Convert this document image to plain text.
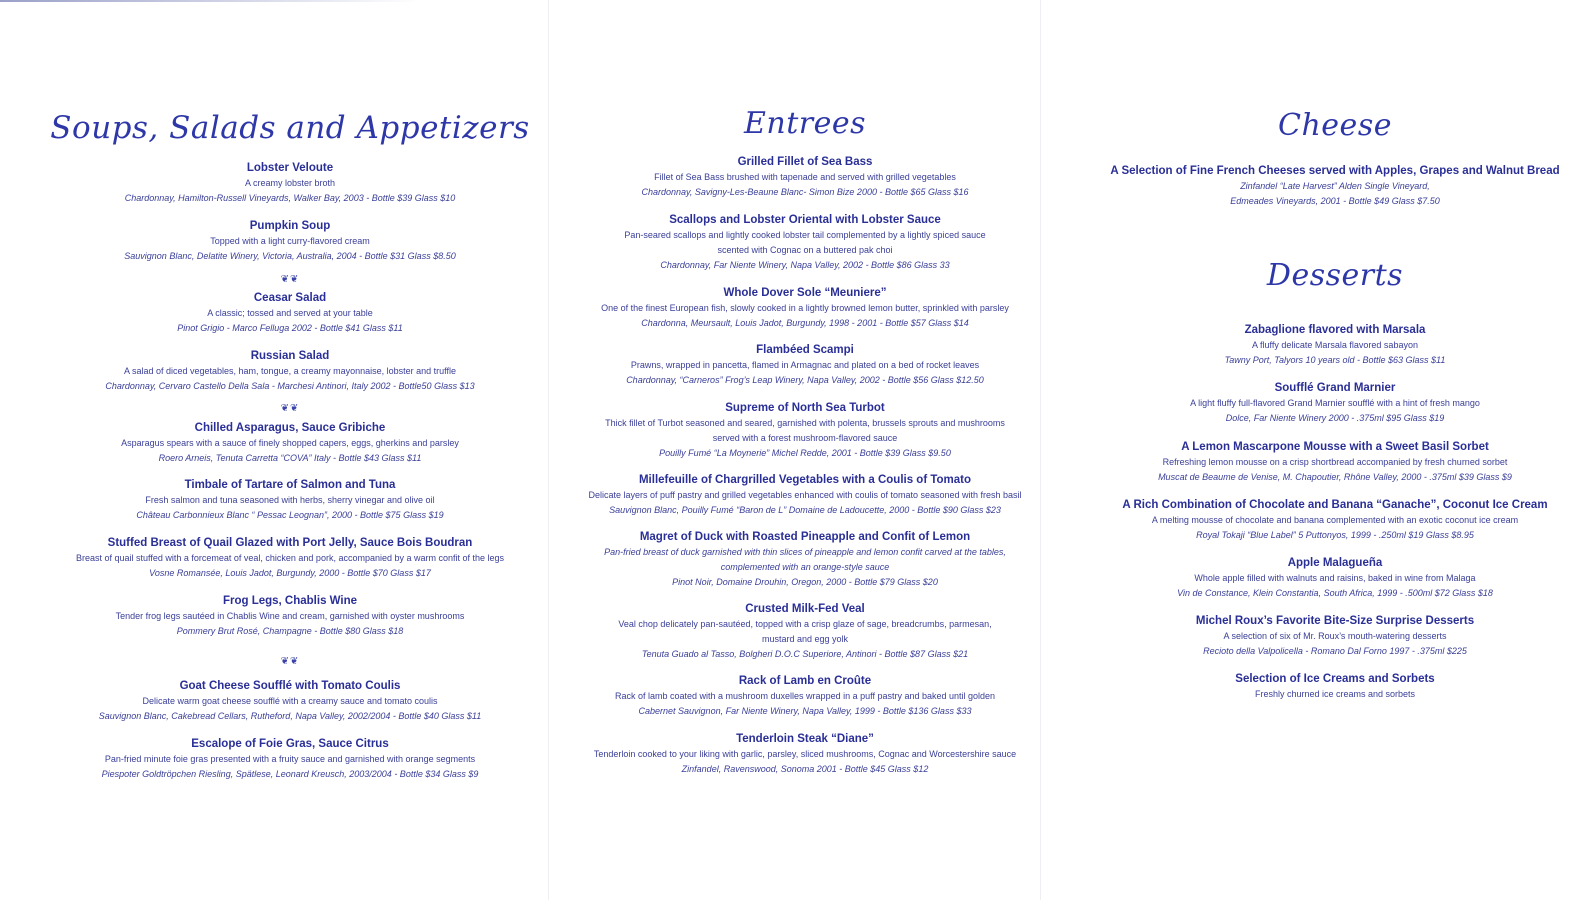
Soups, Salads and Appetizers
Lobster Veloute
A creamy lobster broth
Chardonnay, Hamilton-Russell Vineyards, Walker Bay, 2003 - Bottle $39 Glass $10
Pumpkin Soup
Topped with a light curry-flavored cream
Sauvignon Blanc, Delatite Winery, Victoria, Australia, 2004 - Bottle $31 Glass $8.50
❦❦
Ceasar Salad
A classic; tossed and served at your table
Pinot Grigio - Marco Felluga 2002 - Bottle $41 Glass $11
Russian Salad
A salad of diced vegetables, ham, tongue, a creamy mayonnaise, lobster and truffle
Chardonnay, Cervaro Castello Della Sala - Marchesi Antinori, Italy 2002 - Bottle50 Glass $13
❦❦
Chilled Asparagus, Sauce Gribiche
Asparagus spears with a sauce of finely shopped capers, eggs, gherkins and parsley
Roero Arneis, Tenuta Carretta “COVA” Italy - Bottle $43 Glass $11
Timbale of Tartare of Salmon and Tuna
Fresh salmon and tuna seasoned with herbs, sherry vinegar and olive oil
Château Carbonnieux Blanc “ Pessac Leognan”, 2000 - Bottle $75 Glass $19
Stuffed Breast of Quail Glazed with Port Jelly, Sauce Bois Boudran
Breast of quail stuffed with a forcemeat of veal, chicken and pork, accompanied by a warm confit of the legs
Vosne Romansée, Louis Jadot, Burgundy, 2000 - Bottle $70 Glass $17
Frog Legs, Chablis Wine
Tender frog legs sautéed in Chablis Wine and cream, garnished with oyster mushrooms
Pommery Brut Rosé, Champagne - Bottle $80 Glass $18
❦❦
Goat Cheese Soufflé with Tomato Coulis
Delicate warm goat cheese soufflé with a creamy sauce and tomato coulis
Sauvignon Blanc, Cakebread Cellars, Rutheford, Napa Valley, 2002/2004 - Bottle $40 Glass $11
Escalope of Foie Gras, Sauce Citrus
Pan-fried minute foie gras presented with a fruity sauce and garnished with orange segments
Piespoter Goldtröpchen Riesling, Spätlese, Leonard Kreusch, 2003/2004 - Bottle $34 Glass $9
Entrees
Grilled Fillet of Sea Bass
Fillet of Sea Bass brushed with tapenade and served with grilled vegetables
Chardonnay, Savigny-Les-Beaune Blanc- Simon Bize 2000 - Bottle $65 Glass $16
Scallops and Lobster Oriental with Lobster Sauce
Pan-seared scallops and lightly cooked lobster tail complemented by a lightly spiced sauce
scented with Cognac on a buttered pak choi
Chardonnay, Far Niente Winery, Napa Valley, 2002 - Bottle $86 Glass 33
Whole Dover Sole “Meuniere”
One of the finest European fish, slowly cooked in a lightly browned lemon butter, sprinkled with parsley
Chardonna, Meursault, Louis Jadot, Burgundy, 1998 - 2001 - Bottle $57 Glass $14
Flambéed Scampi
Prawns, wrapped in pancetta, flamed in Armagnac and plated on a bed of rocket leaves
Chardonnay, “Carneros” Frog’s Leap Winery, Napa Valley, 2002 - Bottle $56 Glass $12.50
Supreme of North Sea Turbot
Thick fillet of Turbot seasoned and seared, garnished with polenta, brussels sprouts and mushrooms
served with a forest mushroom-flavored sauce
Pouilly Fumé “La Moynerie” Michel Redde, 2001 - Bottle $39 Glass $9.50
Millefeuille of Chargrilled Vegetables with a Coulis of Tomato
Delicate layers of puff pastry and grilled vegetables enhanced with coulis of tomato seasoned with fresh basil
Sauvignon Blanc, Pouilly Fumé “Baron de L” Domaine de Ladoucette, 2000 - Bottle $90 Glass $23
Magret of Duck with Roasted Pineapple and Confit of Lemon
Pan-fried breast of duck garnished with thin slices of pineapple and lemon confit carved at the tables,
complemented with an orange-style sauce
Pinot Noir, Domaine Drouhin, Oregon, 2000 - Bottle $79 Glass $20
Crusted Milk-Fed Veal
Veal chop delicately pan-sautéed, topped with a crisp glaze of sage, breadcrumbs, parmesan,
mustard and egg yolk
Tenuta Guado al Tasso, Bolgheri D.O.C Superiore, Antinori - Bottle $87 Glass $21
Rack of Lamb en Croûte
Rack of lamb coated with a mushroom duxelles wrapped in a puff pastry and baked until golden
Cabernet Sauvignon, Far Niente Winery, Napa Valley, 1999 - Bottle $136 Glass $33
Tenderloin Steak “Diane”
Tenderloin cooked to your liking with garlic, parsley, sliced mushrooms, Cognac and Worcestershire sauce
Zinfandel, Ravenswood, Sonoma 2001 - Bottle $45 Glass $12
Cheese
A Selection of Fine French Cheeses served with Apples, Grapes and Walnut Bread
Zinfandel “Late Harvest” Alden Single Vineyard,
Edmeades Vineyards, 2001 - Bottle $49 Glass $7.50
Desserts
Zabaglione flavored with Marsala
A fluffy delicate Marsala flavored sabayon
Tawny Port, Talyors 10 years old - Bottle $63 Glass $11
Soufflé Grand Marnier
A light fluffy full-flavored Grand Marnier soufflé with a hint of fresh mango
Dolce, Far Niente Winery 2000 - .375ml $95 Glass $19
A Lemon Mascarpone Mousse with a Sweet Basil Sorbet
Refreshing lemon mousse on a crisp shortbread accompanied by fresh churned sorbet
Muscat de Beaume de Venise, M. Chapoutier, Rhône Valley, 2000 - .375ml $39 Glass $9
A Rich Combination of Chocolate and Banana “Ganache”, Coconut Ice Cream
A melting mousse of chocolate and banana complemented with an exotic coconut ice cream
Royal Tokaji “Blue Label” 5 Puttonyos, 1999 - .250ml $19 Glass $8.95
Apple Malagueña
Whole apple filled with walnuts and raisins, baked in wine from Malaga
Vin de Constance, Klein Constantia, South Africa, 1999 - .500ml $72 Glass $18
Michel Roux’s Favorite Bite-Size Surprise Desserts
A selection of six of Mr. Roux’s mouth-watering desserts
Recioto della Valpolicella - Romano Dal Forno 1997 - .375ml $225
Selection of Ice Creams and Sorbets
Freshly churned ice creams and sorbets
